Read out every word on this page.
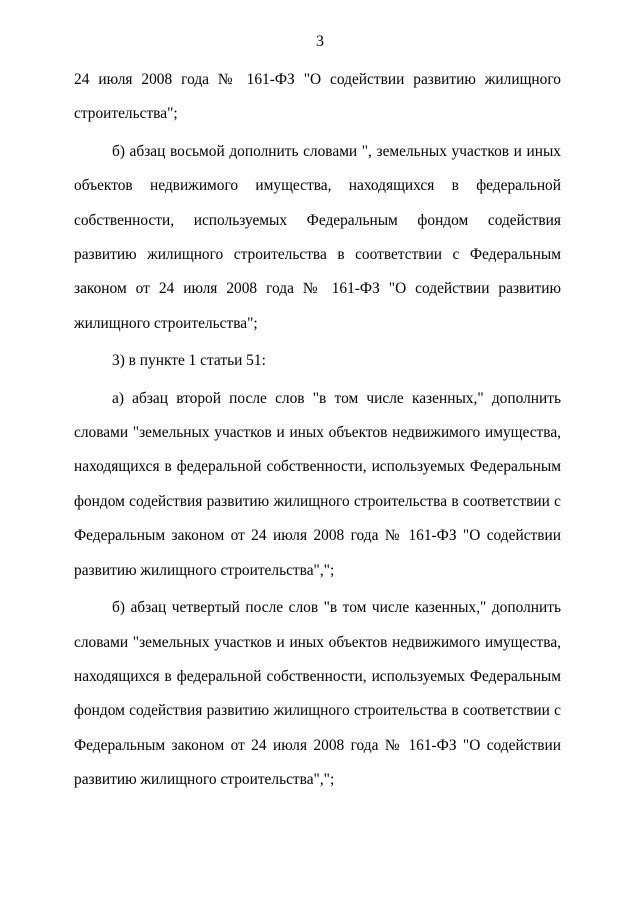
3

24 июля 2008 года № 161-ФЗ "О содействии развитию жилищного строительства";

б) абзац восьмой дополнить словами ", земельных участков и иных объектов недвижимого имущества, находящихся в федеральной собственности, используемых Федеральным фондом содействия развитию жилищного строительства в соответствии с Федеральным законом от 24 июля 2008 года № 161-ФЗ "О содействии развитию жилищного строительства";

3) в пункте 1 статьи 51:

а) абзац второй после слов "в том числе казенных," дополнить словами "земельных участков и иных объектов недвижимого имущества, находящихся в федеральной собственности, используемых Федеральным фондом содействия развитию жилищного строительства в соответствии с Федеральным законом от 24 июля 2008 года № 161-ФЗ "О содействии развитию жилищного строительства",";

б) абзац четвертый после слов "в том числе казенных," дополнить словами "земельных участков и иных объектов недвижимого имущества, находящихся в федеральной собственности, используемых Федеральным фондом содействия развитию жилищного строительства в соответствии с Федеральным законом от 24 июля 2008 года № 161-ФЗ "О содействии развитию жилищного строительства",";
